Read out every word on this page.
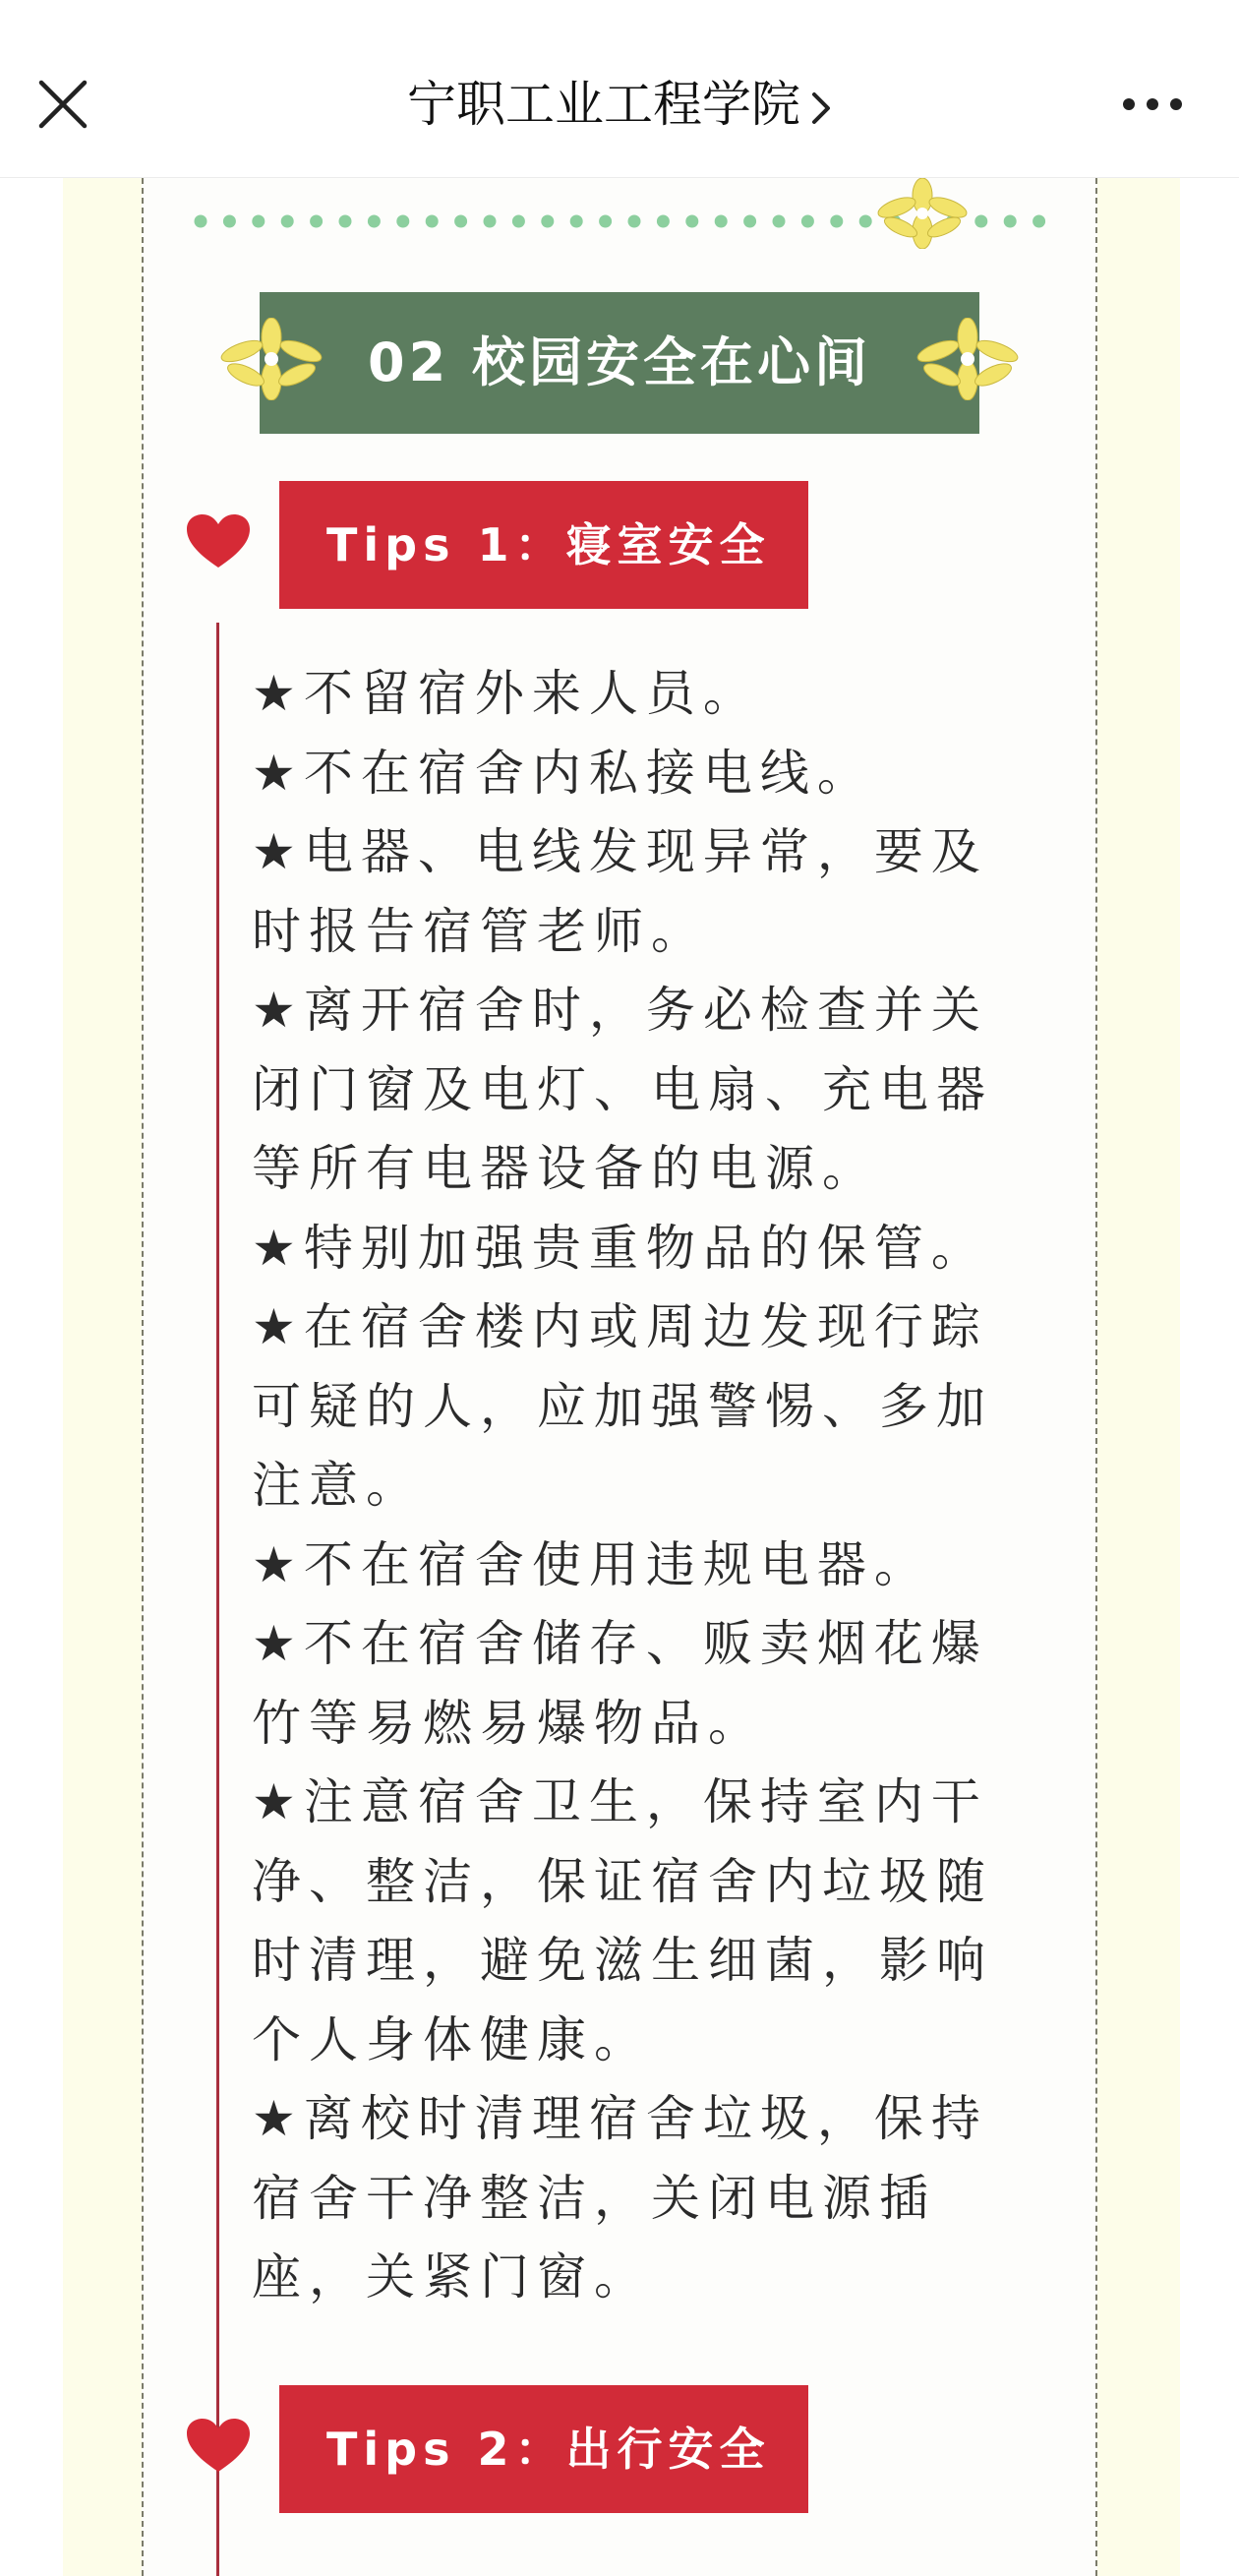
宁职工业工程学院
02 校园安全在心间
Tips 1：寝室安全
★不留宿外来人员。
★不在宿舍内私接电线。
★电器、电线发现异常，要及时报告宿管老师。
★离开宿舍时，务必检查并关闭门窗及电灯、电扇、充电器等所有电器设备的电源。
★特别加强贵重物品的保管。
★在宿舍楼内或周边发现行踪可疑的人，应加强警惕、多加注意。
★不在宿舍使用违规电器。
★不在宿舍储存、贩卖烟花爆竹等易燃易爆物品。
★注意宿舍卫生，保持室内干净、整洁，保证宿舍内垃圾随时清理，避免滋生细菌，影响个人身体健康。
★离校时清理宿舍垃圾，保持宿舍干净整洁，关闭电源插座，关紧门窗。
Tips 2：出行安全
